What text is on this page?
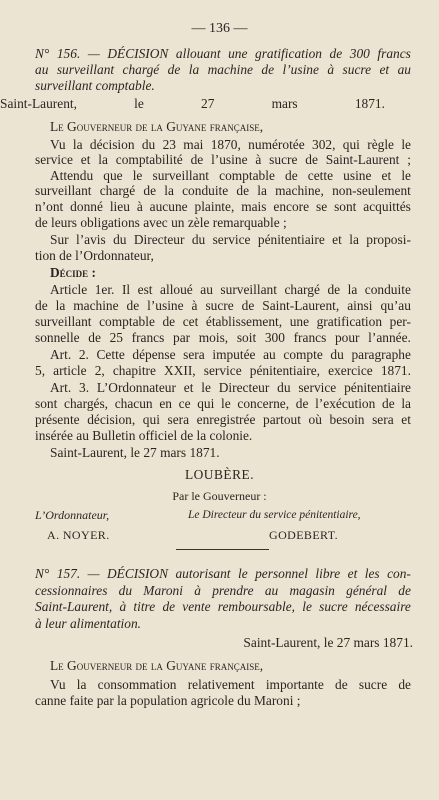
— 136 —
N° 156. — DÉCISION allouant une gratification de 300 francs
au surveillant chargé de la machine de l’usine à sucre et au
surveillant comptable.
Saint-Laurent,	le	27	mars	1871.
Le Gouverneur de la Guyane française,
Vu la décision du 23 mai 1870, numérotée 302, qui règle le
service et la comptabilité de l’usine à sucre de Saint-Laurent ;
Attendu que le surveillant comptable de cette usine et le
surveillant chargé de la conduite de la machine, non-seulement
n’ont donné lieu à aucune plainte, mais encore se sont acquittés
de leurs obligations avec un zèle remarquable ;
Sur l’avis du Directeur du service pénitentiaire et la proposi-
tion de l’Ordonnateur,
Décide :
Article 1er. Il est alloué au surveillant chargé de la conduite
de la machine de l’usine à sucre de Saint-Laurent, ainsi qu’au
surveillant comptable de cet établissement, une gratification per-
sonnelle de 25 francs par mois, soit 300 francs pour l’année.
Art. 2. Cette dépense sera imputée au compte du paragraphe
5, article 2, chapitre XXII, service pénitentiaire, exercice 1871.
Art. 3. L’Ordonnateur et le Directeur du service pénitentiaire
sont chargés, chacun en ce qui le concerne, de l’exécution de la
présente décision, qui sera enregistrée partout où besoin sera et
insérée au Bulletin officiel de la colonie.
Saint-Laurent, le 27 mars 1871.
LOUBÈRE.
Par le Gouverneur :
L’Ordonnateur,	Le Directeur du service pénitentiaire,
A. NOYER.	GODEBERT.
N° 157. — DÉCISION autorisant le personnel libre et les con-
cessionnaires du Maroni à prendre au magasin général de
Saint-Laurent, à titre de vente remboursable, le sucre nécessaire
à leur alimentation.
Saint-Laurent, le 27 mars 1871.
Le Gouverneur de la Guyane française,
Vu la consommation relativement importante de sucre de
canne faite par la population agricole du Maroni ;
